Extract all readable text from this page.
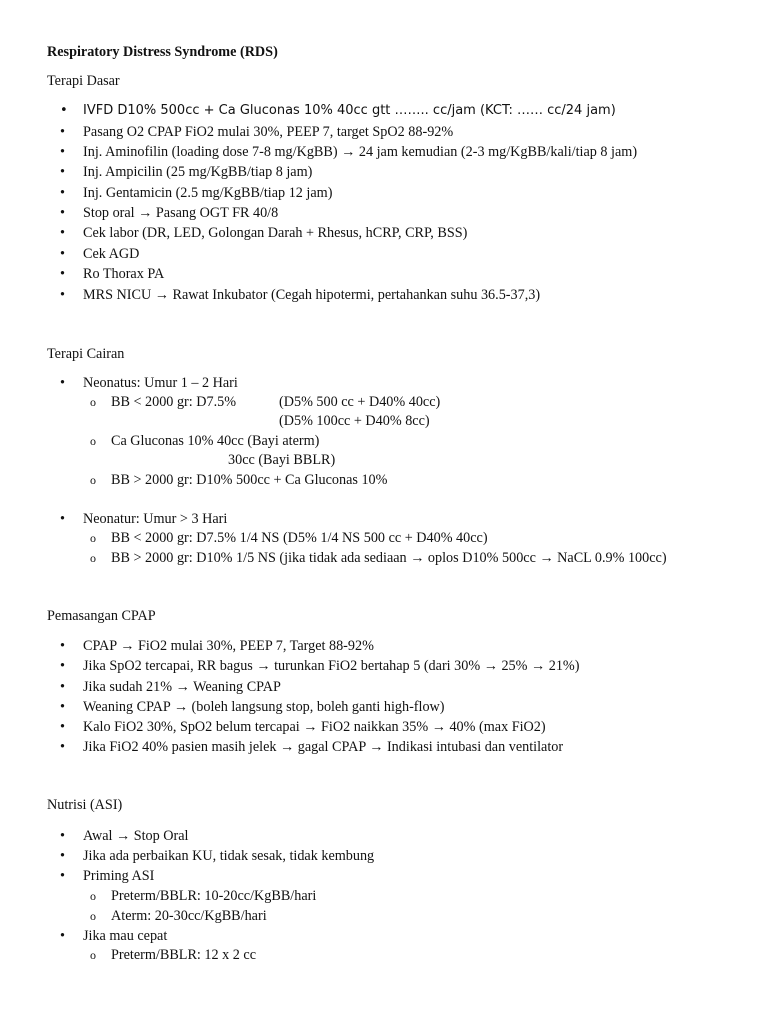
Respiratory Distress Syndrome (RDS)
Terapi Dasar
• IVFD D10% 500cc + Ca Gluconas 10% 40cc gtt …….. cc/jam (KCT: …… cc/24 jam)
• Pasang O2 CPAP FiO2 mulai 30%, PEEP 7, target SpO2 88-92%
• Inj. Aminofilin (loading dose 7-8 mg/KgBB) → 24 jam kemudian (2-3 mg/KgBB/kali/tiap 8 jam)
• Inj. Ampicilin (25 mg/KgBB/tiap 8 jam)
• Inj. Gentamicin (2.5 mg/KgBB/tiap 12 jam)
• Stop oral → Pasang OGT FR 40/8
• Cek labor (DR, LED, Golongan Darah + Rhesus, hCRP, CRP, BSS)
• Cek AGD
• Ro Thorax PA
• MRS NICU → Rawat Inkubator (Cegah hipotermi, pertahankan suhu 36.5-37,3)
Terapi Cairan
• Neonatus: Umur 1 – 2 Hari
o BB < 2000 gr: D7.5%	(D5% 500 cc + D40% 40cc)
(D5% 100cc + D40% 8cc)
o Ca Gluconas 10% 40cc (Bayi aterm)
30cc (Bayi BBLR)
o BB > 2000 gr: D10% 500cc + Ca Gluconas 10%
• Neonatur: Umur > 3 Hari
o BB < 2000 gr: D7.5% 1/4 NS (D5% 1/4 NS 500 cc + D40% 40cc)
o BB > 2000 gr: D10% 1/5 NS (jika tidak ada sediaan → oplos D10% 500cc → NaCL 0.9% 100cc)
Pemasangan CPAP
• CPAP → FiO2 mulai 30%, PEEP 7, Target 88-92%
• Jika SpO2 tercapai, RR bagus → turunkan FiO2 bertahap 5 (dari 30% → 25% → 21%)
• Jika sudah 21% → Weaning CPAP
• Weaning CPAP → (boleh langsung stop, boleh ganti high-flow)
• Kalo FiO2 30%, SpO2 belum tercapai → FiO2 naikkan 35% → 40% (max FiO2)
• Jika FiO2 40% pasien masih jelek → gagal CPAP → Indikasi intubasi dan ventilator
Nutrisi (ASI)
• Awal → Stop Oral
• Jika ada perbaikan KU, tidak sesak, tidak kembung
• Priming ASI
o Preterm/BBLR: 10-20cc/KgBB/hari
o Aterm: 20-30cc/KgBB/hari
• Jika mau cepat
o Preterm/BBLR: 12 x 2 cc
